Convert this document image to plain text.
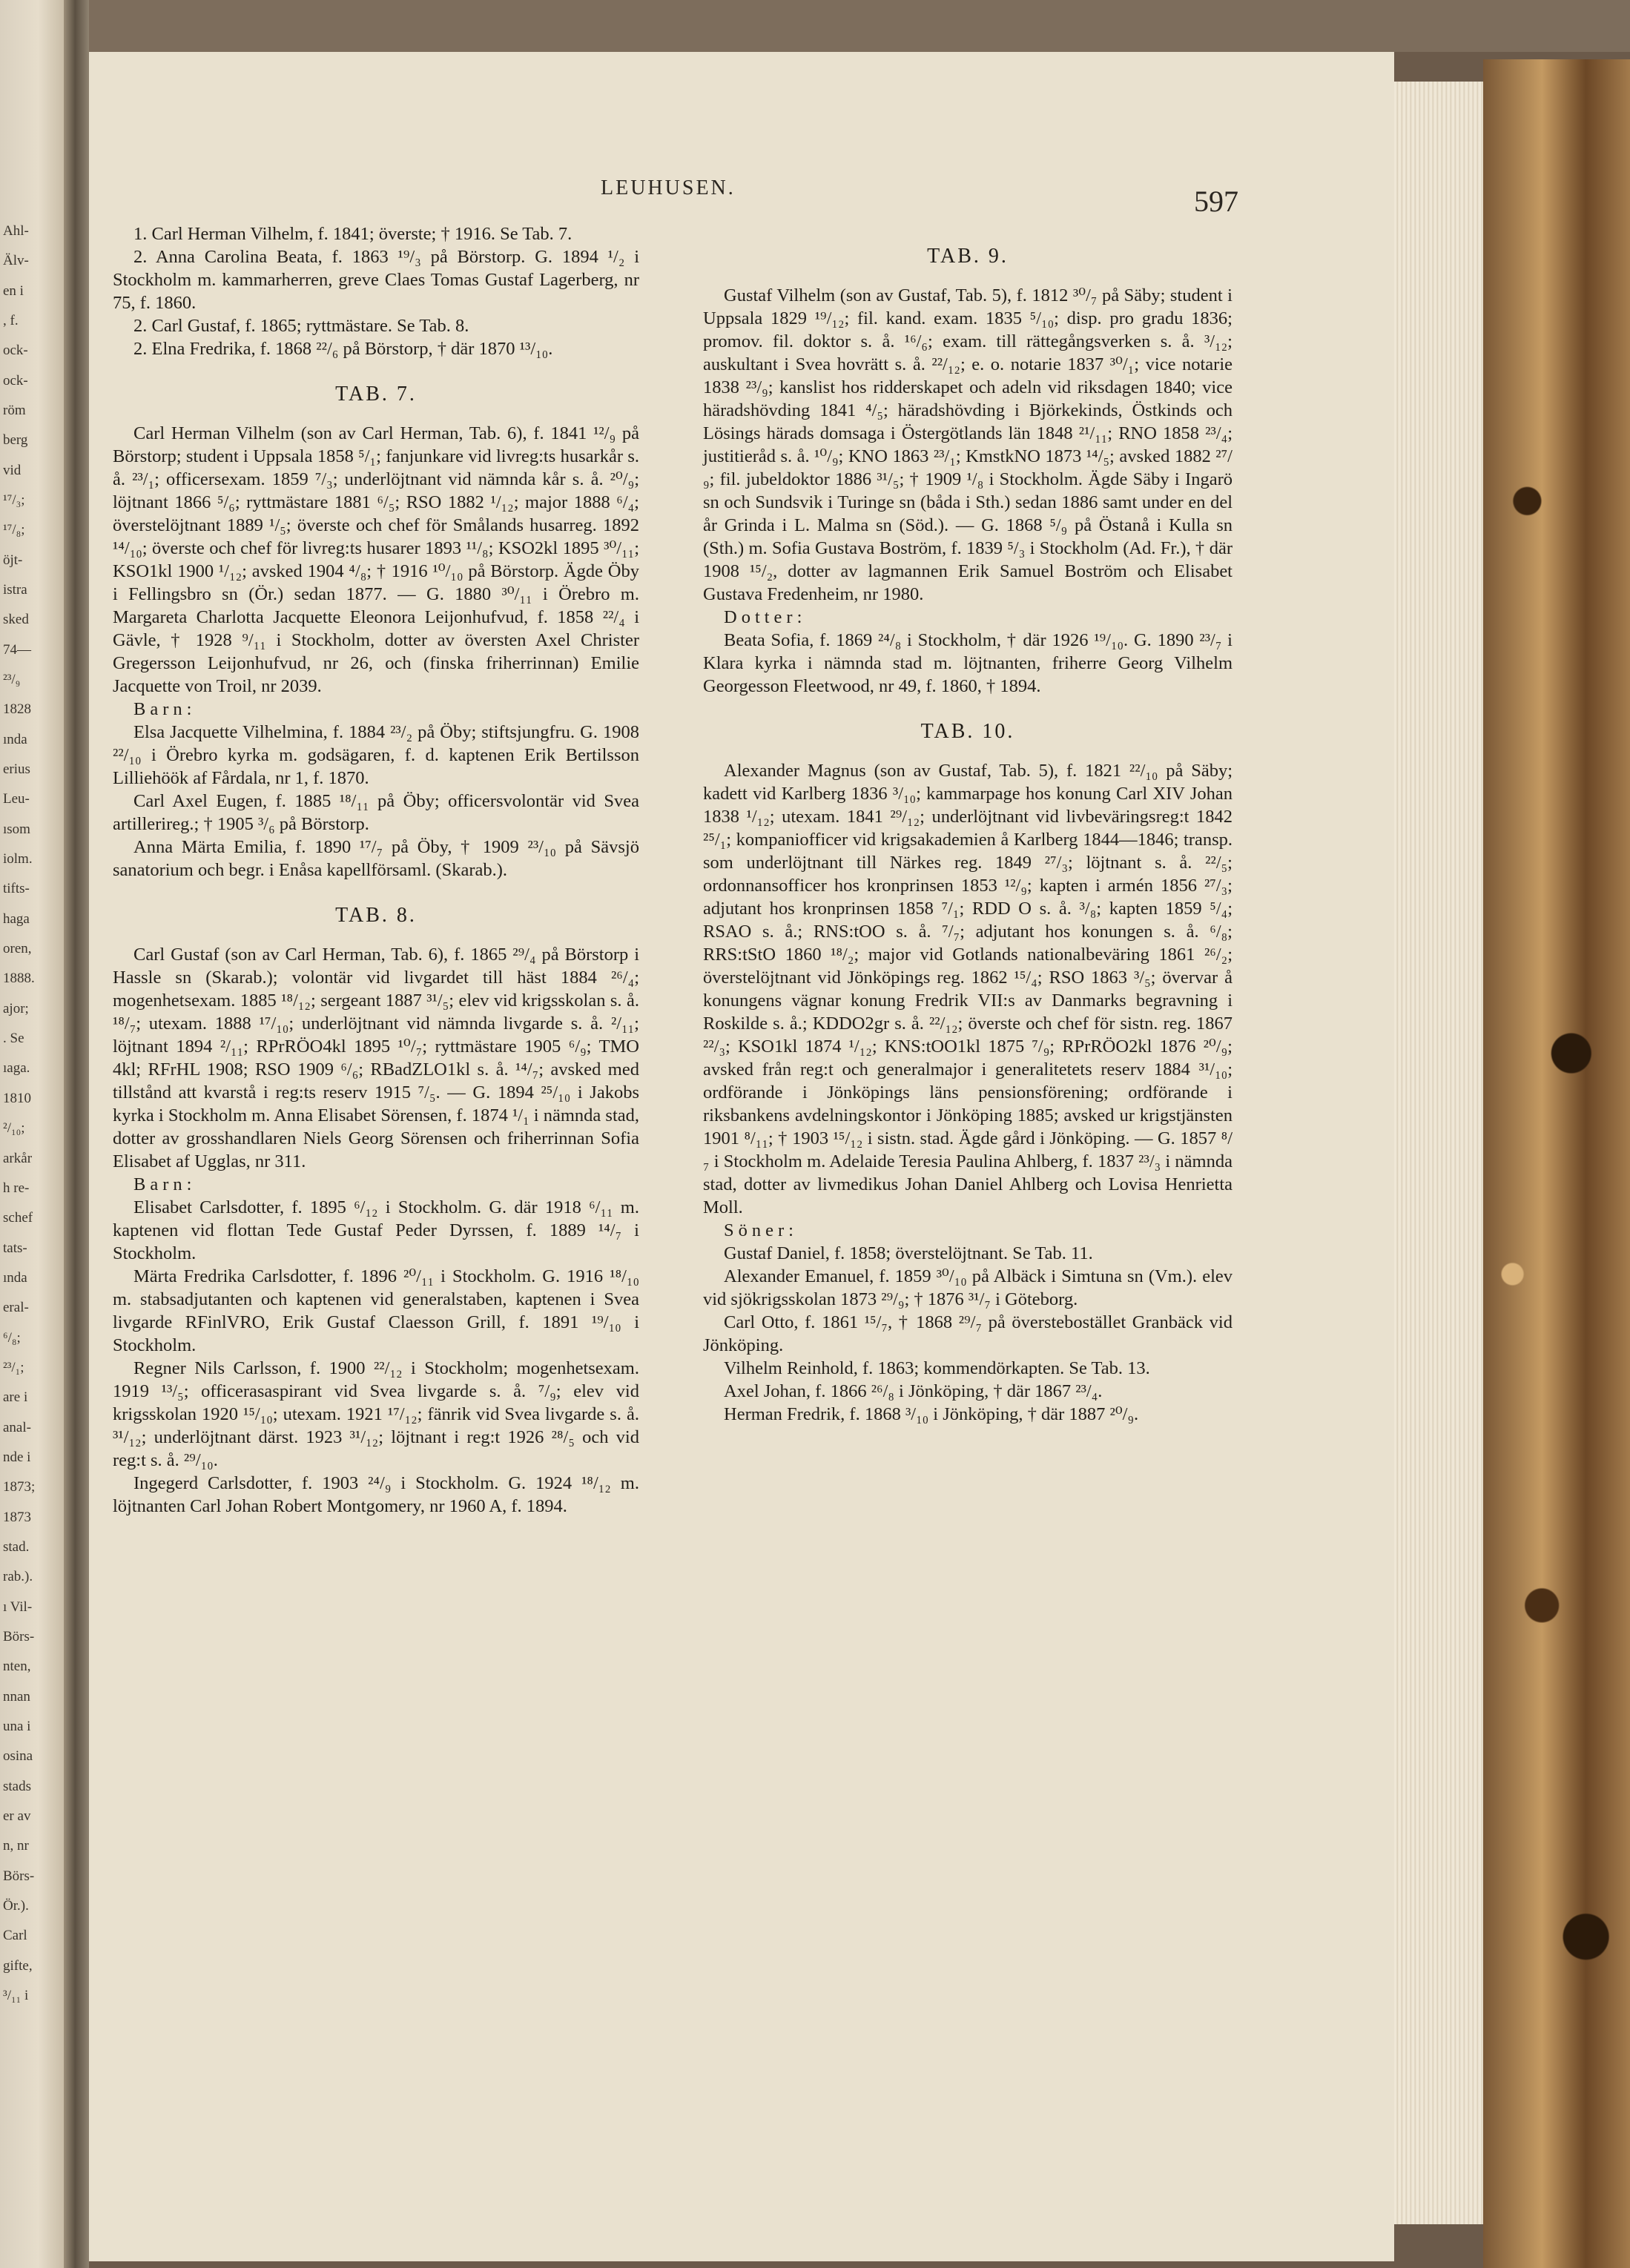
Ahl-
Älv-
en i
, f.
ock-
ock-
röm
berg
vid
¹⁷/₃;
¹⁷/₈;
öjt-
istra
sked
74—
²³/₉
1828
ında
erius
Leu-
ısom
iolm.
tifts-
haga
oren,
1888.
ajor;
. Se
ıaga.
1810
²/₁₀;
arkår
h re-
schef
tats-
ında
eral-
⁶/₈;
²³/₁;
are i
anal-
nde i
1873;
1873
stad.
rab.).
ı Vil-
Börs-
nten,
nnan
una i
osina
stads
er av
n, nr
Börs-
Ör.).
Carl
gifte,
³/₁₁ i
LEUHUSEN.	597

1. Carl Herman Vilhelm, f. 1841; överste; † 1916. Se Tab. 7.

2. Anna Carolina Beata, f. 1863 ¹⁹/₃ på Börstorp. G. 1894 ¹/₂ i Stockholm m. kammarherren, greve Claes Tomas Gustaf Lagerberg, nr 75, f. 1860.

2. Carl Gustaf, f. 1865; ryttmästare. Se Tab. 8.

2. Elna Fredrika, f. 1868 ²²/₆ på Börstorp, † där 1870 ¹³/₁₀.

TAB. 7.

Carl Herman Vilhelm (son av Carl Herman, Tab. 6), f. 1841 ¹²/₉ på Börstorp; student i Uppsala 1858 ⁵/₁; fanjunkare vid livreg:ts husarkår s. å. ²³/₁; officersexam. 1859 ⁷/₃; underlöjtnant vid nämnda kår s. å. ²⁰/₉; löjtnant 1866 ⁵/₆; ryttmästare 1881 ⁶/₅; RSO 1882 ¹/₁₂; major 1888 ⁶/₄; överstelöjtnant 1889 ¹/₅; överste och chef för Smålands husarreg. 1892 ¹⁴/₁₀; överste och chef för livreg:ts husarer 1893 ¹¹/₈; KSO2kl 1895 ³⁰/₁₁; KSO1kl 1900 ¹/₁₂; avsked 1904 ⁴/₈; † 1916 ¹⁰/₁₀ på Börstorp. Ägde Öby i Fellingsbro sn (Ör.) sedan 1877. — G. 1880 ³⁰/₁₁ i Örebro m. Margareta Charlotta Jacquette Eleonora Leijonhufvud, f. 1858 ²²/₄ i Gävle, † 1928 ⁹/₁₁ i Stockholm, dotter av översten Axel Christer Gregersson Leijonhufvud, nr 26, och (finska friherrinnan) Emilie Jacquette von Troil, nr 2039.

Barn:

Elsa Jacquette Vilhelmina, f. 1884 ²³/₂ på Öby; stiftsjungfru. G. 1908 ²²/₁₀ i Örebro kyrka m. godsägaren, f. d. kaptenen Erik Bertilsson Lilliehöök af Fårdala, nr 1, f. 1870.

Carl Axel Eugen, f. 1885 ¹⁸/₁₁ på Öby; officersvolontär vid Svea artillerireg.; † 1905 ³/₆ på Börstorp.

Anna Märta Emilia, f. 1890 ¹⁷/₇ på Öby, † 1909 ²³/₁₀ på Sävsjö sanatorium och begr. i Enåsa kapellförsaml. (Skarab.).

TAB. 8.

Carl Gustaf (son av Carl Herman, Tab. 6), f. 1865 ²⁹/₄ på Börstorp i Hassle sn (Skarab.); volontär vid livgardet till häst 1884 ²⁶/₄; mogenhetsexam. 1885 ¹⁸/₁₂; sergeant 1887 ³¹/₅; elev vid krigsskolan s. å. ¹⁸/₇; utexam. 1888 ¹⁷/₁₀; underlöjtnant vid nämnda livgarde s. å. ²/₁₁; löjtnant 1894 ²/₁₁; RPrRÖO4kl 1895 ¹⁰/₇; ryttmästare 1905 ⁶/₉; TMO 4kl; RFrHL 1908; RSO 1909 ⁶/₆; RBadZLO1kl s. å. ¹⁴/₇; avsked med tillstånd att kvarstå i reg:ts reserv 1915 ⁷/₅. — G. 1894 ²⁵/₁₀ i Jakobs kyrka i Stockholm m. Anna Elisabet Sörensen, f. 1874 ¹/₁ i nämnda stad, dotter av grosshandlaren Niels Georg Sörensen och friherrinnan Sofia Elisabet af Ugglas, nr 311.

Barn:

Elisabet Carlsdotter, f. 1895 ⁶/₁₂ i Stockholm. G. där 1918 ⁶/₁₁ m. kaptenen vid flottan Tede Gustaf Peder Dyrssen, f. 1889 ¹⁴/₇ i Stockholm.

Märta Fredrika Carlsdotter, f. 1896 ²⁰/₁₁ i Stockholm. G. 1916 ¹⁸/₁₀ m. stabsadjutanten och kaptenen vid generalstaben, kaptenen i Svea livgarde RFinlVRO, Erik Gustaf Claesson Grill, f. 1891 ¹⁹/₁₀ i Stockholm.

Regner Nils Carlsson, f. 1900 ²²/₁₂ i Stockholm; mogenhetsexam. 1919 ¹³/₅; officerasaspirant vid Svea livgarde s. å. ⁷/₉; elev vid krigsskolan 1920 ¹⁵/₁₀; utexam. 1921 ¹⁷/₁₂; fänrik vid Svea livgarde s. å. ³¹/₁₂; underlöjtnant därst. 1923 ³¹/₁₂; löjtnant i reg:t 1926 ²⁸/₅ och vid reg:t s. å. ²⁹/₁₀.

Ingegerd Carlsdotter, f. 1903 ²⁴/₉ i Stockholm. G. 1924 ¹⁸/₁₂ m. löjtnanten Carl Johan Robert Montgomery, nr 1960 A, f. 1894.

TAB. 9.

Gustaf Vilhelm (son av Gustaf, Tab. 5), f. 1812 ³⁰/₇ på Säby; student i Uppsala 1829 ¹⁹/₁₂; fil. kand. exam. 1835 ⁵/₁₀; disp. pro gradu 1836; promov. fil. doktor s. å. ¹⁶/₆; exam. till rättegångsverken s. å. ³/₁₂; auskultant i Svea hovrätt s. å. ²²/₁₂; e. o. notarie 1837 ³⁰/₁; vice notarie 1838 ²³/₉; kanslist hos ridderskapet och adeln vid riksdagen 1840; vice häradshövding 1841 ⁴/₅; häradshövding i Björkekinds, Östkinds och Lösings härads domsaga i Östergötlands län 1848 ²¹/₁₁; RNO 1858 ²³/₄; justitieråd s. å. ¹⁰/₉; KNO 1863 ²³/₁; KmstkNO 1873 ¹⁴/₅; avsked 1882 ²⁷/₉; fil. jubeldoktor 1886 ³¹/₅; † 1909 ¹/₈ i Stockholm. Ägde Säby i Ingarö sn och Sundsvik i Turinge sn (båda i Sth.) sedan 1886 samt under en del år Grinda i L. Malma sn (Söd.). — G. 1868 ⁵/₉ på Östanå i Kulla sn (Sth.) m. Sofia Gustava Boström, f. 1839 ⁵/₃ i Stockholm (Ad. Fr.), † där 1908 ¹⁵/₂, dotter av lagmannen Erik Samuel Boström och Elisabet Gustava Fredenheim, nr 1980.

Dotter:

Beata Sofia, f. 1869 ²⁴/₈ i Stockholm, † där 1926 ¹⁹/₁₀. G. 1890 ²³/₇ i Klara kyrka i nämnda stad m. löjtnanten, friherre Georg Vilhelm Georgesson Fleetwood, nr 49, f. 1860, † 1894.

TAB. 10.

Alexander Magnus (son av Gustaf, Tab. 5), f. 1821 ²²/₁₀ på Säby; kadett vid Karlberg 1836 ³/₁₀; kammarpage hos konung Carl XIV Johan 1838 ¹/₁₂; utexam. 1841 ²⁹/₁₂; underlöjtnant vid livbeväringsreg:t 1842 ²⁵/₁; kompaniofficer vid krigsakademien å Karlberg 1844—1846; transp. som underlöjtnant till Närkes reg. 1849 ²⁷/₃; löjtnant s. å. ²²/₅; ordonnansofficer hos kronprinsen 1853 ¹²/₉; kapten i armén 1856 ²⁷/₃; adjutant hos kronprinsen 1858 ⁷/₁; RDD O s. å. ³/₈; kapten 1859 ⁵/₄; RSAO s. å.; RNS:tOO s. å. ⁷/₇; adjutant hos konungen s. å. ⁶/₈; RRS:tStO 1860 ¹⁸/₂; major vid Gotlands nationalbeväring 1861 ²⁶/₂; överstelöjtnant vid Jönköpings reg. 1862 ¹⁵/₄; RSO 1863 ³/₅; övervar å konungens vägnar konung Fredrik VII:s av Danmarks begravning i Roskilde s. å.; KDDO2gr s. å. ²²/₁₂; överste och chef för sistn. reg. 1867 ²²/₃; KSO1kl 1874 ¹/₁₂; KNS:tOO1kl 1875 ⁷/₉; RPrRÖO2kl 1876 ²⁰/₉; avsked från reg:t och generalmajor i generalitetets reserv 1884 ³¹/₁₀; ordförande i Jönköpings läns pensionsförening; ordförande i riksbankens avdelningskontor i Jönköping 1885; avsked ur krigstjänsten 1901 ⁸/₁₁; † 1903 ¹⁵/₁₂ i sistn. stad. Ägde gård i Jönköping. — G. 1857 ⁸/₇ i Stockholm m. Adelaide Teresia Paulina Ahlberg, f. 1837 ²³/₃ i nämnda stad, dotter av livmedikus Johan Daniel Ahlberg och Lovisa Henrietta Moll.

Söner:

Gustaf Daniel, f. 1858; överstelöjtnant. Se Tab. 11.

Alexander Emanuel, f. 1859 ³⁰/₁₀ på Albäck i Simtuna sn (Vm.). elev vid sjökrigsskolan 1873 ²⁹/₉; † 1876 ³¹/₇ i Göteborg.

Carl Otto, f. 1861 ¹⁵/₇, † 1868 ²⁹/₇ på överstebostället Granbäck vid Jönköping.

Vilhelm Reinhold, f. 1863; kommendörkapten. Se Tab. 13.

Axel Johan, f. 1866 ²⁶/₈ i Jönköping, † där 1867 ²³/₄.

Herman Fredrik, f. 1868 ³/₁₀ i Jönköping, † där 1887 ²⁰/₉.
